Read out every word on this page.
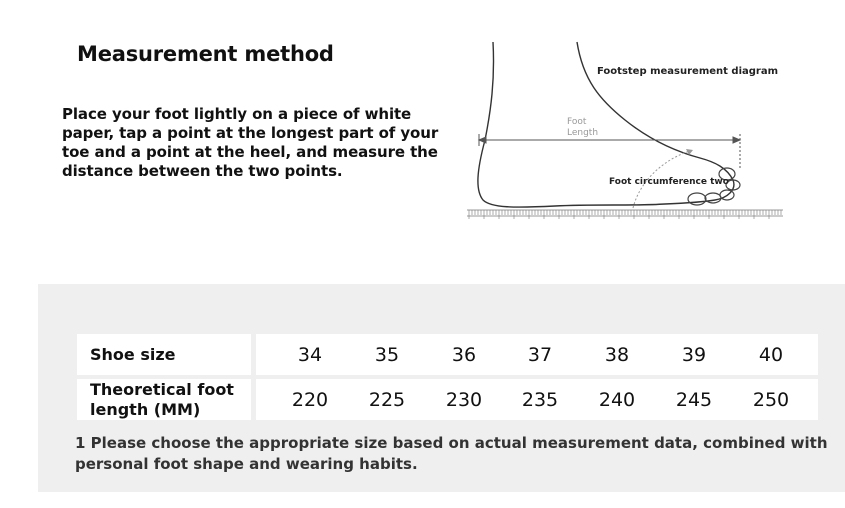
Measurement method
Place your foot lightly on a piece of white paper, tap a point at the longest part of your toe and a point at the heel, and measure the distance between the two points.
Footstep measurement diagram
Foot
Length
Foot circumference two
Shoe size	34	35	36	37	38	39	40
Theoretical foot length (MM)	220	225	230	235	240	245	250
1 Please choose the appropriate size based on actual measurement data, combined with personal foot shape and wearing habits.
